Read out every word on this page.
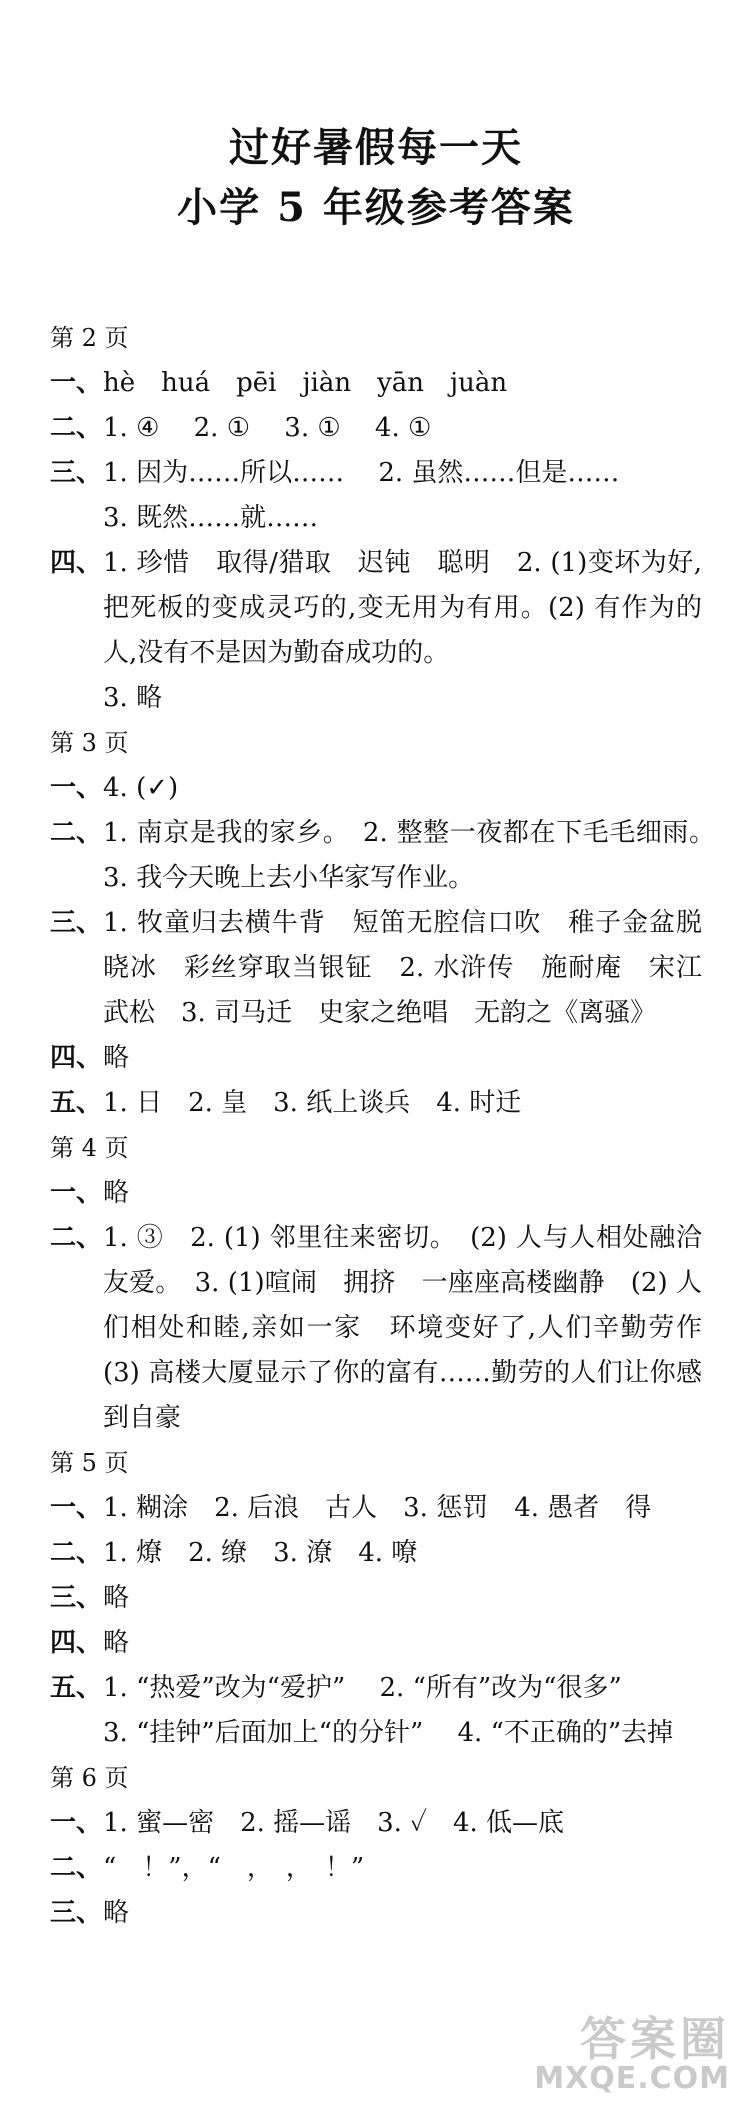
过好暑假每一天
小学 5 年级参考答案
第 2 页
一、 hè　huá　pēi　jiàn　yān　juàn
二、 1. ④　 2. ①　 3. ①　 4. ①
三、 1. 因为……所以……　 2. 虽然……但是……
3. 既然……就……
四、 1. 珍惜　取得/猎取　迟钝　聪明　2. (1)变坏为好,把死板的变成灵巧的,变无用为有用。(2) 有作为的人,没有不是因为勤奋成功的。
3. 略
第 3 页
一、 4. (✓)
二、 1. 南京是我的家乡。　2. 整整一夜都在下毛毛细雨。　3. 我今天晚上去小华家写作业。
三、 1. 牧童归去横牛背　短笛无腔信口吹　稚子金盆脱晓冰　彩丝穿取当银钲　2. 水浒传　施耐庵　宋江　武松　3. 司马迁　史家之绝唱　无韵之《离骚》
四、 略
五、 1. 日　2. 皇　3. 纸上谈兵　4. 时迁
第 4 页
一、 略
二、 1. ③　2. (1) 邻里往来密切。　(2) 人与人相处融洽友爱。　3. (1)喧闹　拥挤　一座座高楼幽静　(2) 人们相处和睦,亲如一家　环境变好了,人们辛勤劳作　(3) 高楼大厦显示了你的富有……勤劳的人们让你感到自豪
第 5 页
一、 1. 糊涂　2. 后浪　古人　3. 惩罚　4. 愚者　得
二、 1. 燎　2. 缭　3. 潦　4. 嘹
三、 略
四、 略
五、 1. “热爱”改为“爱护”　 2. “所有”改为“很多”
3. “挂钟”后面加上“的分针”　 4. “不正确的”去掉
第 6 页
一、 1. 蜜—密　2. 摇—谣　3. ✓　4. 低—底
二、 “　！”，“　，　，　！”
三、 略
答案圈
MXQE.COM
